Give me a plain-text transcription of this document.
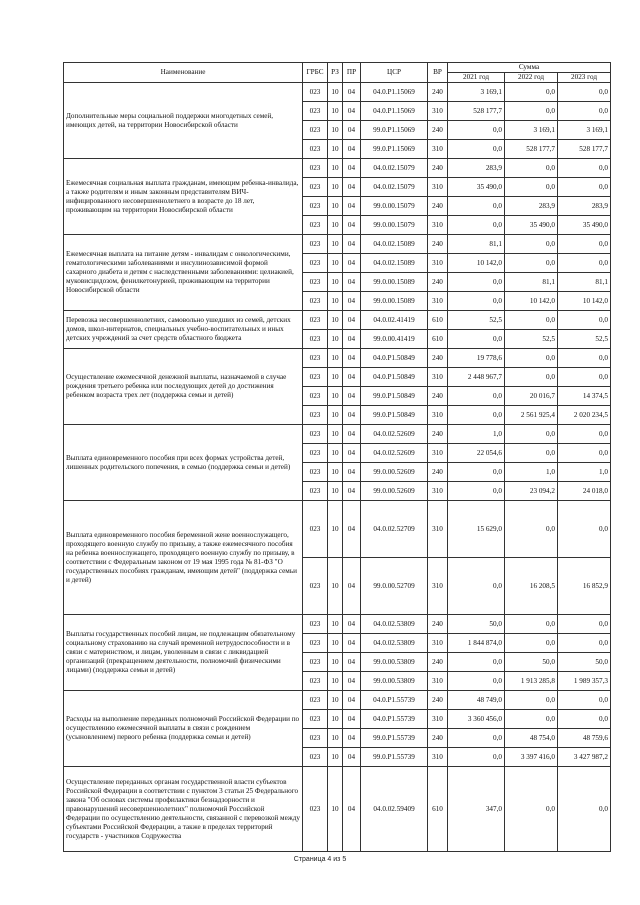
Наименование	ГРБС	РЗ	ПР	ЦСР	ВР	Сумма		
						2021 год	2022 год	2023 год
Дополнительные меры социальной поддержки многодетных семей, имеющих детей, на территории Новосибирской области	023	10	04	04.0.P1.15069	240	3 169,1	0,0	0,0
	023	10	04	04.0.P1.15069	310	528 177,7	0,0	0,0
	023	10	04	99.0.P1.15069	240	0,0	3 169,1	3 169,1
	023	10	04	99.0.P1.15069	310	0,0	528 177,7	528 177,7
Ежемесячная социальная выплата гражданам, имеющим ребенка-инвалида, а также родителям и иным законным представителям ВИЧ-инфицированного несовершеннолетнего в возрасте до 18 лет, проживающим на территории Новосибирской области	023	10	04	04.0.02.15079	240	283,9	0,0	0,0
	023	10	04	04.0.02.15079	310	35 490,0	0,0	0,0
	023	10	04	99.0.00.15079	240	0,0	283,9	283,9
	023	10	04	99.0.00.15079	310	0,0	35 490,0	35 490,0
Ежемесячная выплата на питание детям - инвалидам с онкологическими, гематологическими заболеваниями и инсулинозависимой формой сахарного диабета и детям с наследственными заболеваниями: целиакией, муковисцидозом, фенилкетонурией, проживающим на территории Новосибирской области	023	10	04	04.0.02.15089	240	81,1	0,0	0,0
	023	10	04	04.0.02.15089	310	10 142,0	0,0	0,0
	023	10	04	99.0.00.15089	240	0,0	81,1	81,1
	023	10	04	99.0.00.15089	310	0,0	10 142,0	10 142,0
Перевозка несовершеннолетних, самовольно ушедших из семей, детских домов, школ-интернатов, специальных учебно-воспитательных и иных детских учреждений за счет средств областного бюджета	023	10	04	04.0.02.41419	610	52,5	0,0	0,0
	023	10	04	99.0.00.41419	610	0,0	52,5	52,5
Осуществление ежемесячной денежной выплаты, назначаемой в случае рождения третьего ребенка или последующих детей до достижения ребенком возраста трех лет (поддержка семьи и детей)	023	10	04	04.0.P1.50849	240	19 778,6	0,0	0,0
	023	10	04	04.0.P1.50849	310	2 448 967,7	0,0	0,0
	023	10	04	99.0.P1.50849	240	0,0	20 016,7	14 374,5
	023	10	04	99.0.P1.50849	310	0,0	2 561 925,4	2 020 234,5
Выплата единовременного пособия при всех формах устройства детей, лишенных родительского попечения, в семью (поддержка семьи и детей)	023	10	04	04.0.02.52609	240	1,0	0,0	0,0
	023	10	04	04.0.02.52609	310	22 054,6	0,0	0,0
	023	10	04	99.0.00.52609	240	0,0	1,0	1,0
	023	10	04	99.0.00.52609	310	0,0	23 094,2	24 018,0
Выплата единовременного пособия беременной жене военнослужащего, проходящего военную службу по призыву, а также ежемесячного пособия на ребенка военнослужащего, проходящего военную службу по призыву, в соответствии с Федеральным законом от 19 мая 1995 года № 81-ФЗ "О государственных пособиях гражданам, имеющим детей" (поддержка семьи и детей)	023	10	04	04.0.02.52709	310	15 629,0	0,0	0,0
	023	10	04	99.0.00.52709	310	0,0	16 208,5	16 852,9
Выплаты государственных пособий лицам, не подлежащим обязательному социальному страхованию на случай временной нетрудоспособности и в связи с материнством, и лицам, уволенным в связи с ликвидацией организаций (прекращением деятельности, полномочий физическими лицами) (поддержка семьи и детей)	023	10	04	04.0.02.53809	240	50,0	0,0	0,0
	023	10	04	04.0.02.53809	310	1 844 874,0	0,0	0,0
	023	10	04	99.0.00.53809	240	0,0	50,0	50,0
	023	10	04	99.0.00.53809	310	0,0	1 913 285,8	1 989 357,3
Расходы на выполнение переданных полномочий Российской Федерации по осуществлению ежемесячной выплаты в связи с рождением (усыновлением) первого ребенка (поддержка семьи и детей)	023	10	04	04.0.P1.55739	240	48 749,0	0,0	0,0
	023	10	04	04.0.P1.55739	310	3 360 456,0	0,0	0,0
	023	10	04	99.0.P1.55739	240	0,0	48 754,0	48 759,6
	023	10	04	99.0.P1.55739	310	0,0	3 397 416,0	3 427 987,2
Осуществление переданных органам государственной власти субъектов Российской Федерации в соответствии с пунктом 3 статьи 25 Федерального закона "Об основах системы профилактики безнадзорности и правонарушений несовершеннолетних" полномочий Российской Федерации по осуществлению деятельности, связанной с перевозкой между субъектами Российской Федерации, а также в пределах территорий государств - участников Содружества	023	10	04	04.0.02.59409	610	347,0	0,0	0,0
Страница 4 из 5
